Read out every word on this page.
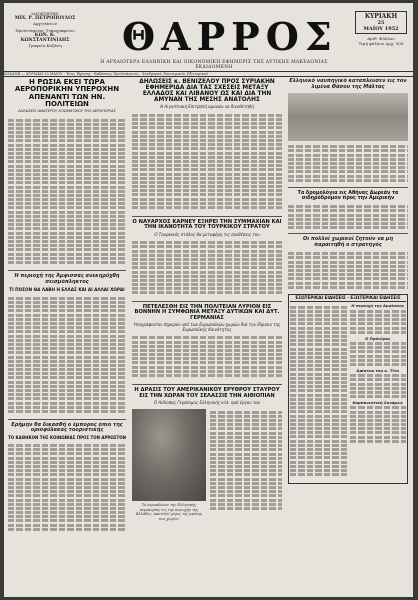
ΙΔΙΟΚΤΗΤΗΣ
ΜΙΧ. Ρ. ΠΕΤΡΟΠΟΥΛΟΣ
Αρχιτέκτων
Προϊστάμενος Τυπογραφείου
ΚΩΝ. Κ. ΚΩΝΣΤΑΝΤΙΝΙΔΗΣ
Γραφεία Κοζάνη	ΘΑΡΡΟΣ
Η ΑΡΧΑΙΟΤΕΡΑ ΕΛΛΗΝΙΚΗ ΚΑΙ ΟΙΚΟΝΟΜΙΚΗ ΕΦΗΜΕΡΙΣ ΤΗΣ ΔΥΤΙΚΗΣ ΜΑΚΕΔΟΝΙΑΣ ΕΚΔΙΔΟΜΕΝΗ
ΚΥΡΙΑΚΗ
25
ΜΑΪΟΥ 1952
Αριθ. Φύλλου
Τιμή φύλλου Δρχ. 500
ΚΟΖΑΝΗ — ΚΥΡΙΑΚΗ 25 ΜΑΪΟΥ · Έτος Ίδρυσης · Εκδόσεως Προϊστάμενος · Συνδρομαί: Εσωτερικού, Εξωτερικού
Η ΡΩΣΙΑ ΕΚΕΙ ΤΩΡΑ ΑΕΡΟΠΟΡΙΚΗΝ ΥΠΕΡΟΧΗΝ ΑΠΕΝΑΝΤΙ ΤΩΝ ΗΝ. ΠΟΛΙΤΕΙΩΝ
ΔΗΛΩΣΕΙΣ ΑΝΩΤΕΡΟΥ ΑΞΙΩΜΑΤΙΚΟΥ ΤΗΣ ΑΕΡΟΠΟΡΙΑΣ
Η περιοχή της Άμφισσας ανεκηρύχθη σεισμόπληκτος
ΤΙ ΠΟΣΟΝ ΘΑ ΛΑΒΗ Η ΕΛΛΑΣ ΚΑΙ ΑΙ ΑΛΛΑΙ ΧΩΡΑΙ
Ερήμην θα δικασθή ο έμπορος όπιο της οριοφύλακας τουριστικής
ΤΟ ΚΑΘΗΚΟΝ ΤΗΣ ΚΟΙΝΩΝΙΑΣ ΠΡΟΣ ΤΟΝ ΑΡΡΩΣΤΟΝ
ΔΗΛΩΣΕΙΣ κ. ΒΕΝΙΖΕΛΟΥ ΠΡΟΣ ΣΥΡΙΑΚΗΝ ΕΦΗΜΕΡΙΔΑ ΔΙΑ ΤΑΣ ΣΧΕΣΕΙΣ ΜΕΤΑΞΥ ΕΛΛΑΔΟΣ ΚΑΙ ΛΙΒΑΝΟΥ ΩΣ ΚΑΙ ΔΙΑ ΤΗΝ ΑΜΥΝΑΝ ΤΗΣ ΜΕΣΗΣ ΑΝΑΤΟΛΗΣ
Η Αιγυπτιακή Επιτροπή αμυνών να διευθετηθή
Ο ΝΑΥΑΡΧΟΣ ΚΑΡΝΕΥ ΕΞΗΡΕΙ ΤΗΝ ΣΥΜΜΑΧΙΑΝ ΚΑΙ ΤΗΝ ΙΚΑΝΟΤΗΤΑ ΤΟΥ ΤΟΥΡΚΙΚΟΥ ΣΤΡΑΤΟΥ
Ο Τουρκικός στόλος θα μεταφέρη τις συνθέσεις του
ΠΕΤΕΛΕΣΘΗ ΕΙΣ ΤΗΝ ΠΟΛΙΤΕΙΑΝ ΛΥΡΙΟΝ ΕΙΣ ΒΟΝΝΗΝ Η ΣΥΜΦΩΝΙΑ ΜΕΤΑΞΥ ΔΥΤΙΚΩΝ ΚΑΙ ΔΥΤ. ΓΕΡΜΑΝΙΑΣ
Υπογράφονται σήμερον υπό των Ευρωπαϊκών χωρών διά την ίδρυσιν της Ευρωπαϊκής Κοινότητος
Η ΔΡΑΣΙΣ ΤΟΥ ΑΜΕΡΙΚΑΝΙΚΟΥ ΕΡΥΘΡΟΥ ΣΤΑΥΡΟΥ ΕΙΣ ΤΗΝ ΧΩΡΑΝ ΤΟΥ ΣΕΛΑΣΣΙΕ ΤΗΝ ΑΙΘΙΟΠΙΑΝ
Ο Αιθίοπας Γεράσιμος Ελληνικής κτλ. πρό έργου του
Το αεροπλάνον της Ελληνικής αεροπορίας εις την περιοχήν της Ελλάδος. Αποτελεί μέρος της αμύνης των χωρών.
Ελληνικό ναυπηγικό καταπλευσεν εις τον λιμένα Θάσου της Μάλτας
Τα δρομολόγια εις Αθήνας Δωρεάν τα σιδηρόδρομον προς την Αμερικήν
Οι πολλοί χωρικοί ζητούν να μη παραιτηθή ο στρατηγός
ΕΣΩΤΕΡΙΚΑΙ ΕΙΔΗΣΕΙΣ - ΕΞΩΤΕΡΙΚΑΙ ΕΙΔΗΣΕΙΣ
Η περιοχή της Αμφίσσης
Ο Πρόεδρος
Αρίστου του κ. Τίτο
Καμπανιστική δυνάμεις
